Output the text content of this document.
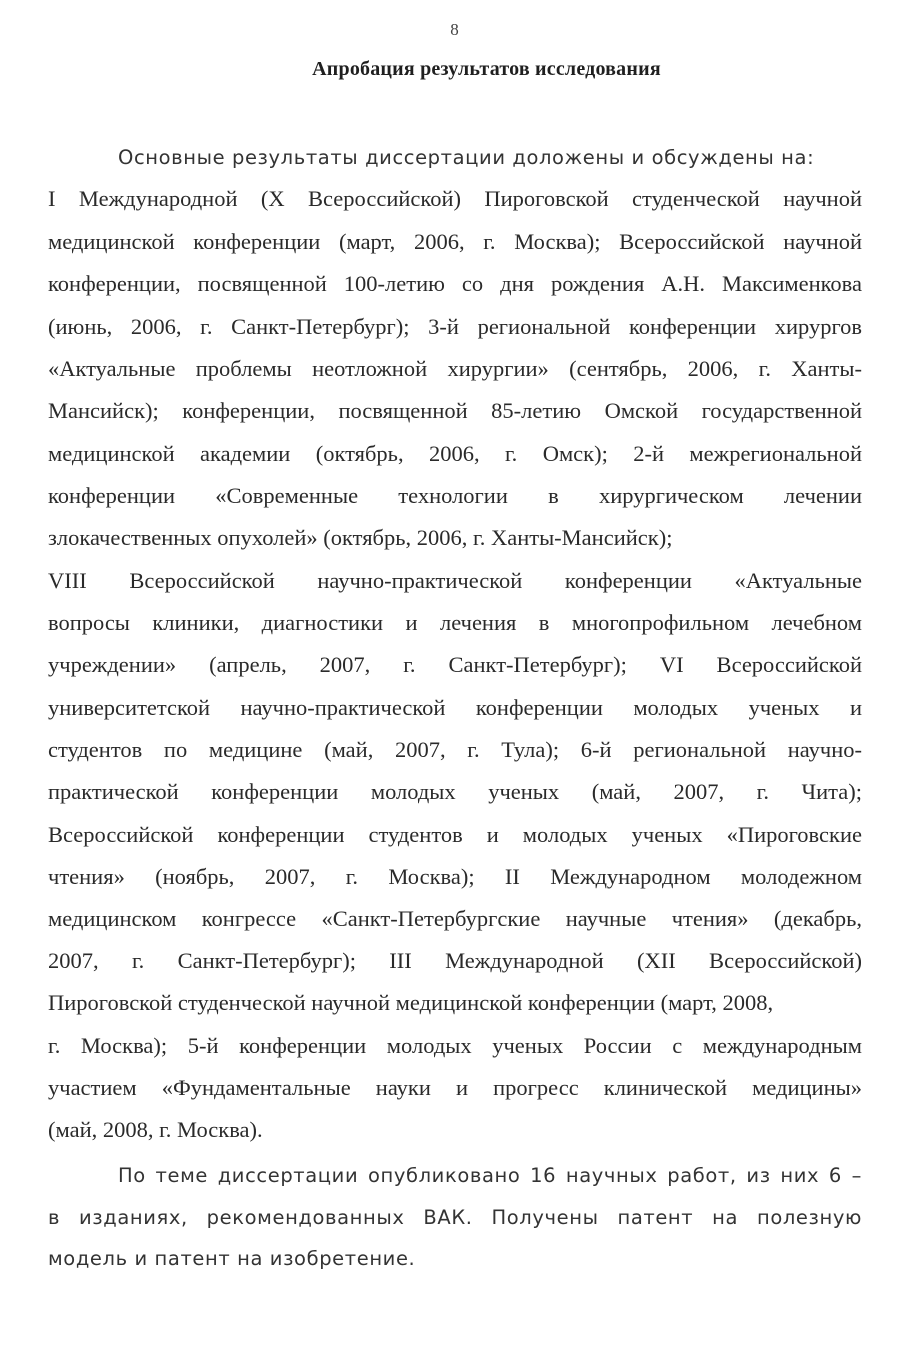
8
Апробация результатов исследования
Основные результаты диссертации доложены и обсуждены на:
I Международной (X Всероссийской) Пироговской студенческой научной
медицинской конференции (март, 2006, г. Москва); Всероссийской научной
конференции, посвященной 100-летию со дня рождения А.Н. Максименкова
(июнь, 2006, г. Санкт-Петербург); 3-й региональной конференции хирургов
«Актуальные проблемы неотложной хирургии» (сентябрь, 2006, г. Ханты-
Мансийск); конференции, посвященной 85-летию Омской государственной
медицинской академии (октябрь, 2006, г. Омск); 2-й межрегиональной
конференции «Современные технологии в хирургическом лечении
злокачественных опухолей» (октябрь, 2006, г. Ханты-Мансийск);
VIII Всероссийской научно-практической конференции «Актуальные
вопросы клиники, диагностики и лечения в многопрофильном лечебном
учреждении» (апрель, 2007, г. Санкт-Петербург); VI Всероссийской
университетской научно-практической конференции молодых ученых и
студентов по медицине (май, 2007, г. Тула); 6-й региональной научно-
практической конференции молодых ученых (май, 2007, г. Чита);
Всероссийской конференции студентов и молодых ученых «Пироговские
чтения» (ноябрь, 2007, г. Москва); II Международном молодежном
медицинском конгрессе «Санкт-Петербургские научные чтения» (декабрь,
2007, г. Санкт-Петербург); III Международной (XII Всероссийской)
Пироговской студенческой научной медицинской конференции (март, 2008,
г. Москва); 5-й конференции молодых ученых России с международным
участием «Фундаментальные науки и прогресс клинической медицины»
(май, 2008, г. Москва).
По теме диссертации опубликовано 16 научных работ, из них 6 –
в изданиях, рекомендованных ВАК. Получены патент на полезную
модель и патент на изобретение.
